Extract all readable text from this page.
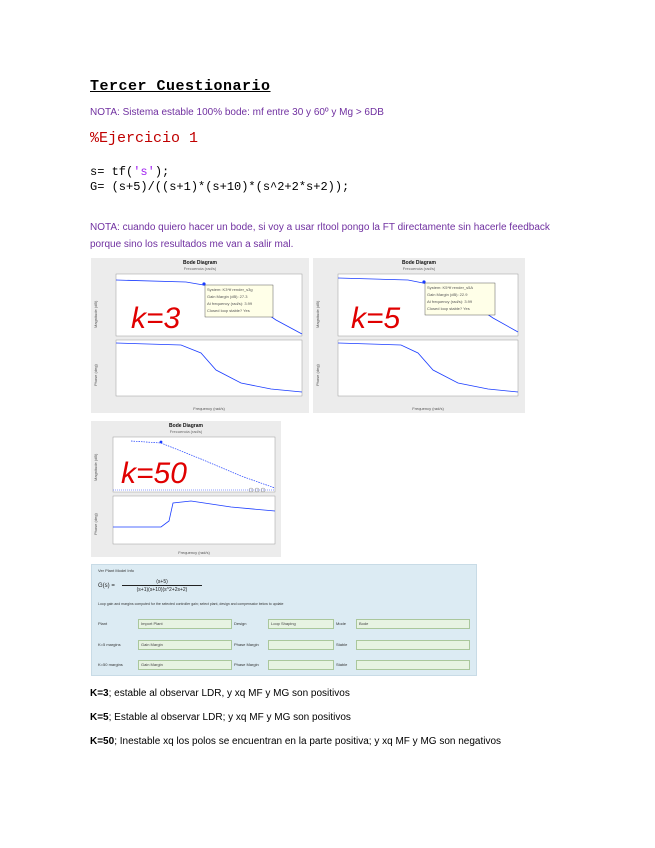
Tercer Cuestionario
NOTA: Sistema estable 100% bode: mf entre 30 y 60º y Mg > 6DB
%Ejercicio 1
s= tf('s');
G= (s+5)/((s+1)*(s+10)*(s^2+2*s+2));
NOTA: cuando quiero hacer un bode, si voy a usar rltool pongo la FT directamente sin hacerle feedback porque sino los resultados me van a salir mal.
Bode Diagram
Frecuencia (rad/s)
System: K3*tf render_s3g
Gain Margin (dB): 27.3
At frequency (rad/s): 3.99
Closed loop stable? Yes
Magnitude (dB)
Phase (deg)
Frequency (rad/s)
k=3
Bode Diagram
Frecuencia (rad/s)
System: K5*tf render_s5A
Gain Margin (dB): 22.9
At frequency (rad/s): 3.99
Closed loop stable? Yes
Magnitude (dB)
Phase (deg)
Frequency (rad/s)
k=5
Bode Diagram
Frecuencia (rad/s)
Magnitude (dB)
Phase (deg)
Frequency (rad/s)
k=50
Ver Plant Model Info
G(s) =
(s+5)
(s+1)(s+10)(s^2+2s+2)
Loop gain and margins computed for the selected controller gain; select plant, design and compensator below to update
Plant	Import Plant	Design	Loop Shaping	Mode	Bode
K=5 margins	Gain Margin	Phase Margin	Stable
K=50 margins	Gain Margin	Phase Margin	Stable
K=3; estable al observar LDR, y xq MF y MG son positivos
K=5; Estable al observar LDR; y xq MF y MG son positivos
K=50; Inestable xq los polos se encuentran en la parte positiva; y xq MF y MG son negativos
